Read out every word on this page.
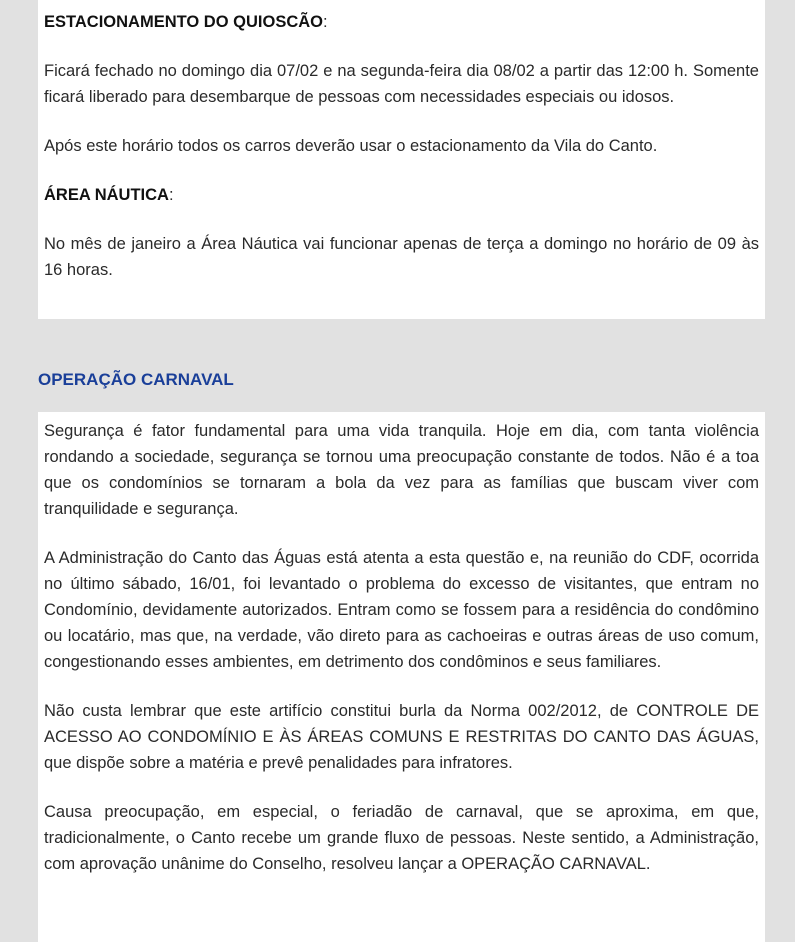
ESTACIONAMENTO DO QUIOSCÃO:

Ficará fechado no domingo dia 07/02 e na segunda-feira dia 08/02 a partir das 12:00 h. Somente ficará liberado para desembarque de pessoas com necessidades especiais ou idosos.

Após este horário todos os carros deverão usar o estacionamento da Vila do Canto.

ÁREA NÁUTICA:

No mês de janeiro a Área Náutica vai funcionar apenas de terça a domingo no horário de 09 às 16 horas.

OPERAÇÃO CARNAVAL

Segurança é fator fundamental para uma vida tranquila. Hoje em dia, com tanta violência rondando a sociedade, segurança se tornou uma preocupação constante de todos. Não é a toa que os condomínios se tornaram a bola da vez para as famílias que buscam viver com tranquilidade e segurança.

A Administração do Canto das Águas está atenta a esta questão e, na reunião do CDF, ocorrida no último sábado, 16/01, foi levantado o problema do excesso de visitantes, que entram no Condomínio, devidamente autorizados. Entram como se fossem para a residência do condômino ou locatário, mas que, na verdade, vão direto para as cachoeiras e outras áreas de uso comum, congestionando esses ambientes, em detrimento dos condôminos e seus familiares.

Não custa lembrar que este artifício constitui burla da Norma 002/2012, de CONTROLE DE ACESSO AO CONDOMÍNIO E ÀS ÁREAS COMUNS E RESTRITAS DO CANTO DAS ÁGUAS, que dispõe sobre a matéria e prevê penalidades para infratores.

Causa preocupação, em especial, o feriadão de carnaval, que se aproxima, em que, tradicionalmente, o Canto recebe um grande fluxo de pessoas. Neste sentido, a Administração, com aprovação unânime do Conselho, resolveu lançar a OPERAÇÃO CARNAVAL.
